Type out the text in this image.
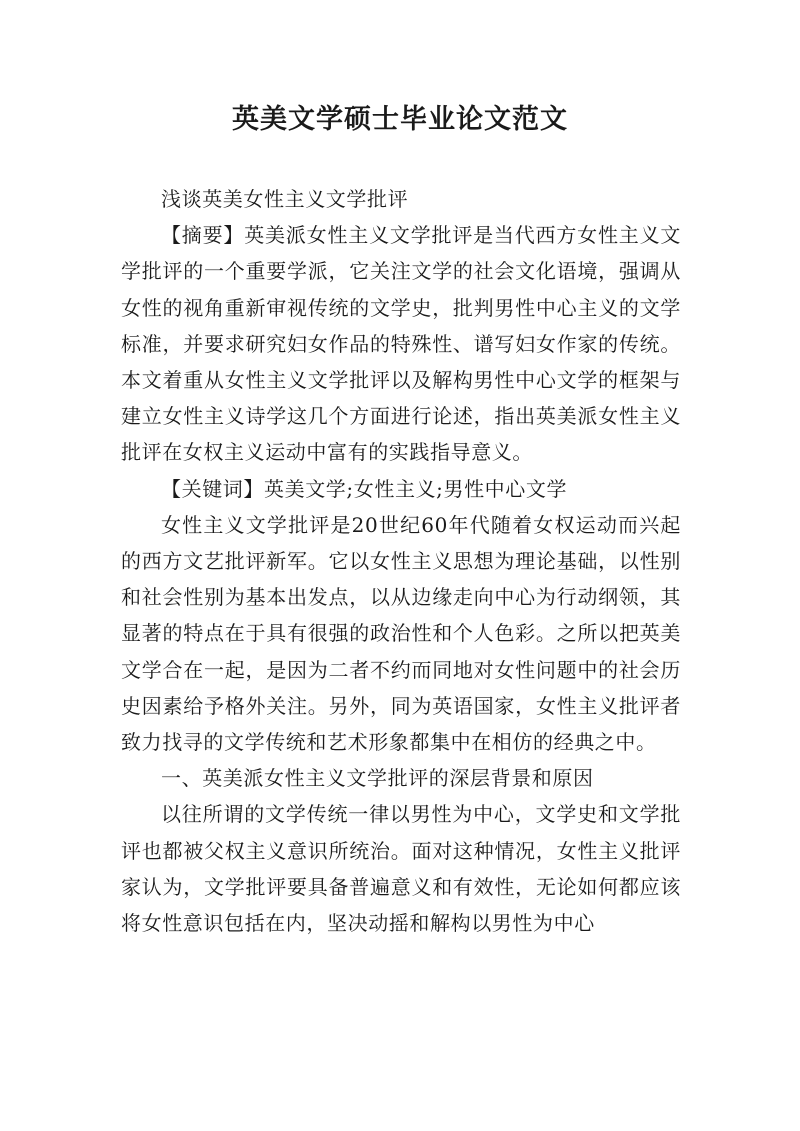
英美文学硕士毕业论文范文

浅谈英美女性主义文学批评

【摘要】英美派女性主义文学批评是当代西方女性主义文学批评的一个重要学派，它关注文学的社会文化语境，强调从女性的视角重新审视传统的文学史，批判男性中心主义的文学标准，并要求研究妇女作品的特殊性、谱写妇女作家的传统。本文着重从女性主义文学批评以及解构男性中心文学的框架与建立女性主义诗学这几个方面进行论述，指出英美派女性主义批评在女权主义运动中富有的实践指导意义。

【关键词】英美文学;女性主义;男性中心文学

女性主义文学批评是20世纪60年代随着女权运动而兴起的西方文艺批评新军。它以女性主义思想为理论基础，以性别和社会性别为基本出发点，以从边缘走向中心为行动纲领，其显著的特点在于具有很强的政治性和个人色彩。之所以把英美文学合在一起，是因为二者不约而同地对女性问题中的社会历史因素给予格外关注。另外，同为英语国家，女性主义批评者致力找寻的文学传统和艺术形象都集中在相仿的经典之中。

一、英美派女性主义文学批评的深层背景和原因

以往所谓的文学传统一律以男性为中心，文学史和文学批评也都被父权主义意识所统治。面对这种情况，女性主义批评家认为，文学批评要具备普遍意义和有效性，无论如何都应该将女性意识包括在内，坚决动摇和解构以男性为中心
